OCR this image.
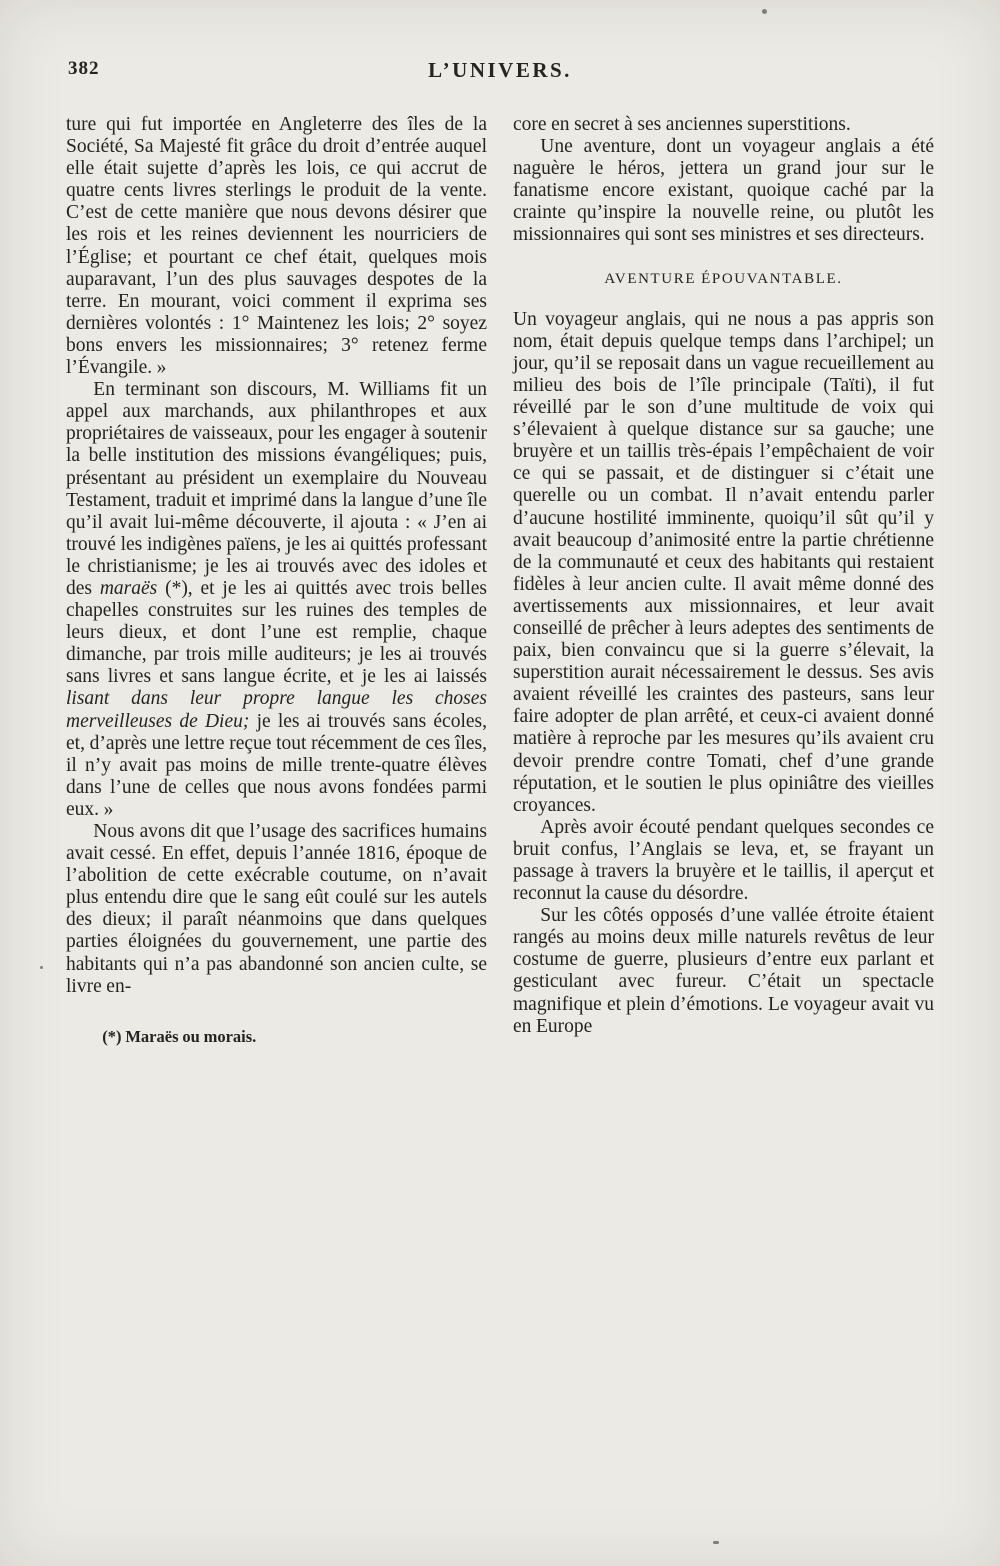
382	L’UNIVERS.

ture qui fut importée en Angleterre des îles de la Société, Sa Majesté fit grâce du droit d’entrée auquel elle était sujette d’après les lois, ce qui accrut de quatre cents livres sterlings le produit de la vente. C’est de cette manière que nous devons désirer que les rois et les reines deviennent les nourriciers de l’Église; et pourtant ce chef était, quelques mois auparavant, l’un des plus sauvages despotes de la terre. En mourant, voici comment il exprima ses dernières volontés : 1° Maintenez les lois; 2° soyez bons envers les missionnaires; 3° retenez ferme l’Évangile. »

En terminant son discours, M. Williams fit un appel aux marchands, aux philanthropes et aux propriétaires de vaisseaux, pour les engager à soutenir la belle institution des missions évangéliques; puis, présentant au président un exemplaire du Nouveau Testament, traduit et imprimé dans la langue d’une île qu’il avait lui-même découverte, il ajouta : « J’en ai trouvé les indigènes païens, je les ai quittés professant le christianisme; je les ai trouvés avec des idoles et des maraës (*), et je les ai quittés avec trois belles chapelles construites sur les ruines des temples de leurs dieux, et dont l’une est remplie, chaque dimanche, par trois mille auditeurs; je les ai trouvés sans livres et sans langue écrite, et je les ai laissés lisant dans leur propre langue les choses merveilleuses de Dieu; je les ai trouvés sans écoles, et, d’après une lettre reçue tout récemment de ces îles, il n’y avait pas moins de mille trente-quatre élèves dans l’une de celles que nous avons fondées parmi eux. »

Nous avons dit que l’usage des sacrifices humains avait cessé. En effet, depuis l’année 1816, époque de l’abolition de cette exécrable coutume, on n’avait plus entendu dire que le sang eût coulé sur les autels des dieux; il paraît néanmoins que dans quelques parties éloignées du gouvernement, une partie des habitants qui n’a pas abandonné son ancien culte, se livre en-

(*) Maraës ou morais.

core en secret à ses anciennes superstitions.

Une aventure, dont un voyageur anglais a été naguère le héros, jettera un grand jour sur le fanatisme encore existant, quoique caché par la crainte qu’inspire la nouvelle reine, ou plutôt les missionnaires qui sont ses ministres et ses directeurs.

AVENTURE ÉPOUVANTABLE.

Un voyageur anglais, qui ne nous a pas appris son nom, était depuis quelque temps dans l’archipel; un jour, qu’il se reposait dans un vague recueillement au milieu des bois de l’île principale (Taïti), il fut réveillé par le son d’une multitude de voix qui s’élevaient à quelque distance sur sa gauche; une bruyère et un taillis très-épais l’empêchaient de voir ce qui se passait, et de distinguer si c’était une querelle ou un combat. Il n’avait entendu parler d’aucune hostilité imminente, quoiqu’il sût qu’il y avait beaucoup d’animosité entre la partie chrétienne de la communauté et ceux des habitants qui restaient fidèles à leur ancien culte. Il avait même donné des avertissements aux missionnaires, et leur avait conseillé de prêcher à leurs adeptes des sentiments de paix, bien convaincu que si la guerre s’élevait, la superstition aurait nécessairement le dessus. Ses avis avaient réveillé les craintes des pasteurs, sans leur faire adopter de plan arrêté, et ceux-ci avaient donné matière à reproche par les mesures qu’ils avaient cru devoir prendre contre Tomati, chef d’une grande réputation, et le soutien le plus opiniâtre des vieilles croyances.

Après avoir écouté pendant quelques secondes ce bruit confus, l’Anglais se leva, et, se frayant un passage à travers la bruyère et le taillis, il aperçut et reconnut la cause du désordre.

Sur les côtés opposés d’une vallée étroite étaient rangés au moins deux mille naturels revêtus de leur costume de guerre, plusieurs d’entre eux parlant et gesticulant avec fureur. C’était un spectacle magnifique et plein d’émotions. Le voyageur avait vu en Europe
